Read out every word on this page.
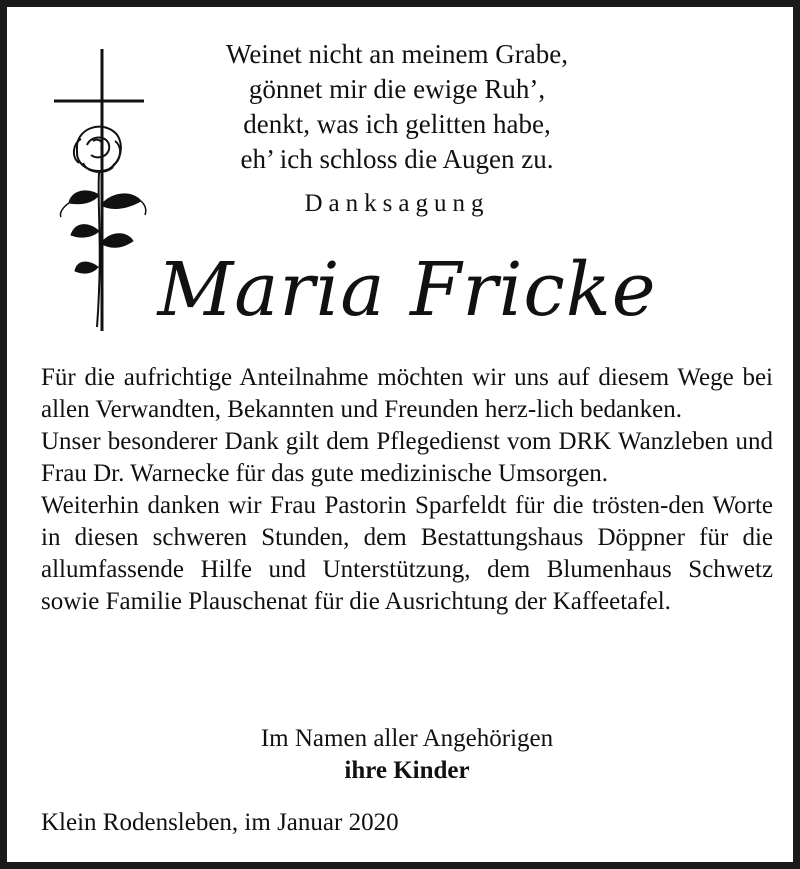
Weinet nicht an meinem Grabe,
gönnet mir die ewige Ruh’,
denkt, was ich gelitten habe,
eh’ ich schloss die Augen zu.
Danksagung
Maria Fricke
Für die aufrichtige Anteilnahme möchten wir uns auf diesem Wege bei allen Verwandten, Bekannten und Freunden herz-lich bedanken.
Unser besonderer Dank gilt dem Pflegedienst vom DRK Wanzleben und Frau Dr. Warnecke für das gute medizinische Umsorgen.
Weiterhin danken wir Frau Pastorin Sparfeldt für die trösten-den Worte in diesen schweren Stunden, dem Bestattungshaus Döppner für die allumfassende Hilfe und Unterstützung, dem Blumenhaus Schwetz sowie Familie Plauschenat für die Ausrichtung der Kaffeetafel.
Im Namen aller Angehörigen
ihre Kinder
Klein Rodensleben, im Januar 2020
